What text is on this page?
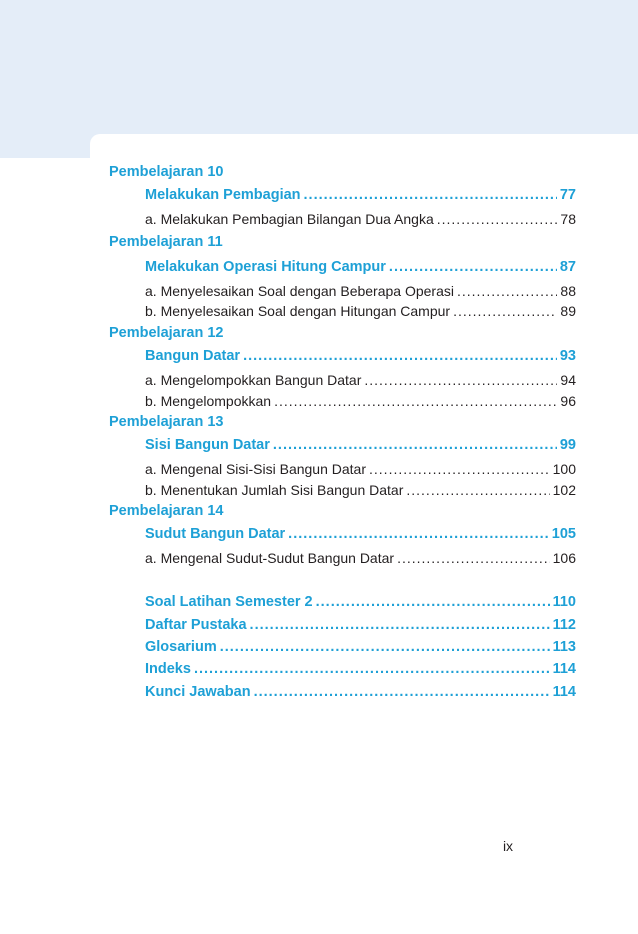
Pembelajaran 10
Melakukan Pembagian .....	77
a. Melakukan Pembagian Bilangan Dua Angka .....	78
Pembelajaran 11
Melakukan Operasi Hitung Campur .....	87
a. Menyelesaikan Soal dengan Beberapa Operasi .....	88
b. Menyelesaikan Soal dengan Hitungan Campur .....	89
Pembelajaran 12
Bangun Datar .....	93
a. Mengelompokkan Bangun Datar .....	94
b. Mengelompokkan .....	96
Pembelajaran 13
Sisi Bangun Datar .....	99
a. Mengenal Sisi-Sisi Bangun Datar .....	100
b. Menentukan Jumlah Sisi Bangun Datar .....	102
Pembelajaran 14
Sudut Bangun Datar .....	105
a. Mengenal Sudut-Sudut Bangun Datar .....	106
Soal Latihan Semester 2 .....	110
Daftar Pustaka .....	112
Glosarium .....	113
Indeks .....	114
Kunci Jawaban .....	114
ix
